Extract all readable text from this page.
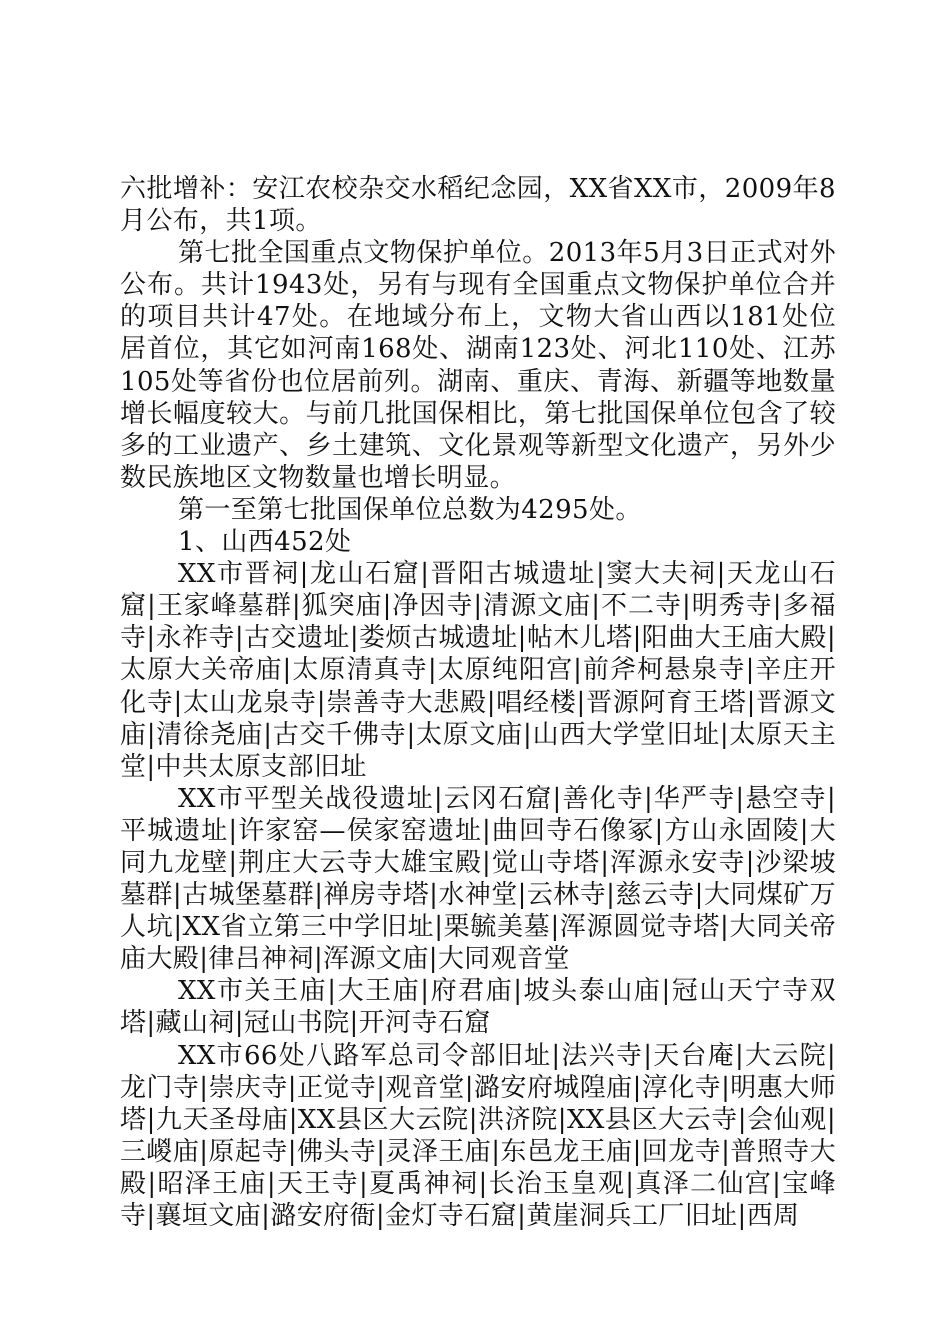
六批增补：安江农校杂交水稻纪念园，XX省XX市，2009年8月公布，共1项。

第七批全国重点文物保护单位。2013年5月3日正式对外公布。共计1943处，另有与现有全国重点文物保护单位合并的项目共计47处。在地域分布上，文物大省山西以181处位居首位，其它如河南168处、湖南123处、河北110处、江苏105处等省份也位居前列。湖南、重庆、青海、新疆等地数量增长幅度较大。与前几批国保相比，第七批国保单位包含了较多的工业遗产、乡土建筑、文化景观等新型文化遗产，另外少数民族地区文物数量也增长明显。

第一至第七批国保单位总数为4295处。

1、山西452处

XX市晋祠|龙山石窟|晋阳古城遗址|窦大夫祠|天龙山石窟|王家峰墓群|狐突庙|净因寺|清源文庙|不二寺|明秀寺|多福寺|永祚寺|古交遗址|娄烦古城遗址|帖木儿塔|阳曲大王庙大殿|太原大关帝庙|太原清真寺|太原纯阳宫|前斧柯悬泉寺|辛庄开化寺|太山龙泉寺|崇善寺大悲殿|唱经楼|晋源阿育王塔|晋源文庙|清徐尧庙|古交千佛寺|太原文庙|山西大学堂旧址|太原天主堂|中共太原支部旧址

XX市平型关战役遗址|云冈石窟|善化寺|华严寺|悬空寺|平城遗址|许家窑—侯家窑遗址|曲回寺石像冢|方山永固陵|大同九龙壁|荆庄大云寺大雄宝殿|觉山寺塔|浑源永安寺|沙梁坡墓群|古城堡墓群|禅房寺塔|水神堂|云林寺|慈云寺|大同煤矿万人坑|XX省立第三中学旧址|栗毓美墓|浑源圆觉寺塔|大同关帝庙大殿|律吕神祠|浑源文庙|大同观音堂

XX市关王庙|大王庙|府君庙|坡头泰山庙|冠山天宁寺双塔|藏山祠|冠山书院|开河寺石窟

XX市66处八路军总司令部旧址|法兴寺|天台庵|大云院|龙门寺|崇庆寺|正觉寺|观音堂|潞安府城隍庙|淳化寺|明惠大师塔|九天圣母庙|XX县区大云院|洪济院|XX县区大云寺|会仙观|三嵕庙|原起寺|佛头寺|灵泽王庙|东邑龙王庙|回龙寺|普照寺大殿|昭泽王庙|天王寺|夏禹神祠|长治玉皇观|真泽二仙宫|宝峰寺|襄垣文庙|潞安府衙|金灯寺石窟|黄崖洞兵工厂旧址|西周
